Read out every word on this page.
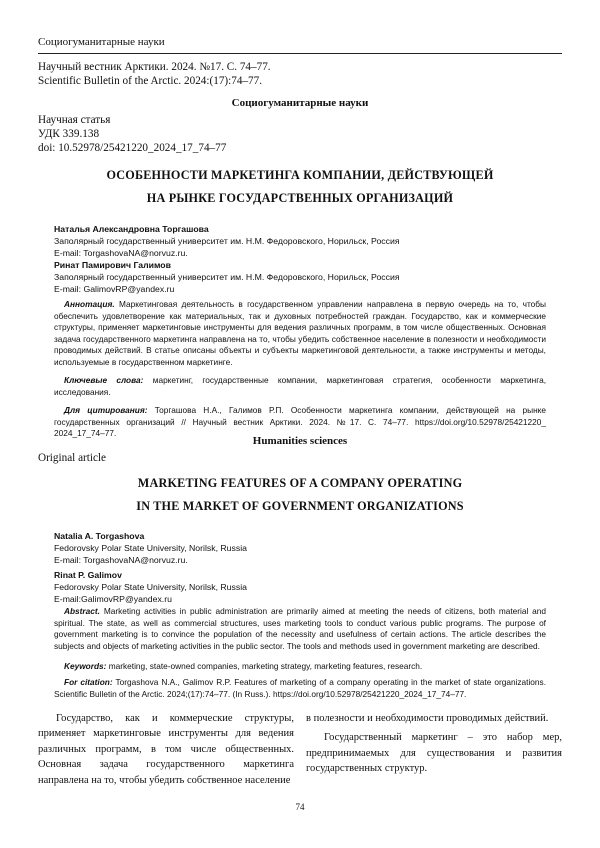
Социогуманитарные науки
Научный вестник Арктики. 2024. №17. С. 74–77.
Scientific Bulletin of the Arctic. 2024:(17):74–77.
Социогуманитарные науки
Научная статья
УДК 339.138
doi: 10.52978/25421220_2024_17_74–77
ОСОБЕННОСТИ МАРКЕТИНГА КОМПАНИИ, ДЕЙСТВУЮЩЕЙ
НА РЫНКЕ ГОСУДАРСТВЕННЫХ ОРГАНИЗАЦИЙ
Наталья Александровна Торгашова
Заполярный государственный университет им. Н.М. Федоровского, Норильск, Россия
E-mail: TorgashovaNA@norvuz.ru.
Ринат Памирович Галимов
Заполярный государственный университет им. Н.М. Федоровского, Норильск, Россия
E-mail: GalimovRP@yandex.ru
Аннотация. Маркетинговая деятельность в государственном управлении направлена в первую очередь на то, чтобы обеспечить удовлетворение как материальных, так и духовных потребностей граждан. Государство, как и коммерческие структуры, применяет маркетинговые инструменты для ведения различных программ, в том числе общественных. Основная задача государственного маркетинга направлена на то, чтобы убедить собственное население в полезности и необходимости проводимых действий. В статье описаны объекты и субъекты маркетинговой деятельности, а также инструменты и методы, используемые в государственном маркетинге.
Ключевые слова: маркетинг, государственные компании, маркетинговая стратегия, особенности маркетинга, исследования.
Для цитирования: Торгашова Н.А., Галимов Р.П. Особенности маркетинга компании, действующей на рынке государственных организаций // Научный вестник Арктики. 2024. №17. С. 74–77. https://doi.org/10.52978/25421220_ 2024_17_74–77.
Humanities sciences
Original article
MARKETING FEATURES OF A COMPANY OPERATING
IN THE MARKET OF GOVERNMENT ORGANIZATIONS
Natalia A. Torgashova
Fedorovsky Polar State University, Norilsk, Russia
E-mail: TorgashovaNA@norvuz.ru.
Rinat P. Galimov
Fedorovsky Polar State University, Norilsk, Russia
E-mail:GalimovRP@yandex.ru
Abstract. Marketing activities in public administration are primarily aimed at meeting the needs of citizens, both material and spiritual. The state, as well as commercial structures, uses marketing tools to conduct various public programs. The purpose of government marketing is to convince the population of the necessity and usefulness of certain actions. The article describes the subjects and objects of marketing activities in the public sector. The tools and methods used in government marketing are described.
Keywords: marketing, state-owned companies, marketing strategy, marketing features, research.
For citation: Torgashova N.A., Galimov R.P. Features of marketing of a company operating in the market of state organizations. Scientific Bulletin of the Arctic. 2024;(17):74–77. (In Russ.). https://doi.org/10.52978/25421220_2024_17_74–77.
Государство, как и коммерческие структуры, применяет маркетинговые инструменты для ведения различных программ, в том числе общественных. Основная задача государственного маркетинга направлена на то, чтобы убедить собственное население
в полезности и необходимости проводимых действий.
Государственный маркетинг – это набор мер, предпринимаемых для существования и развития государственных структур.
74
